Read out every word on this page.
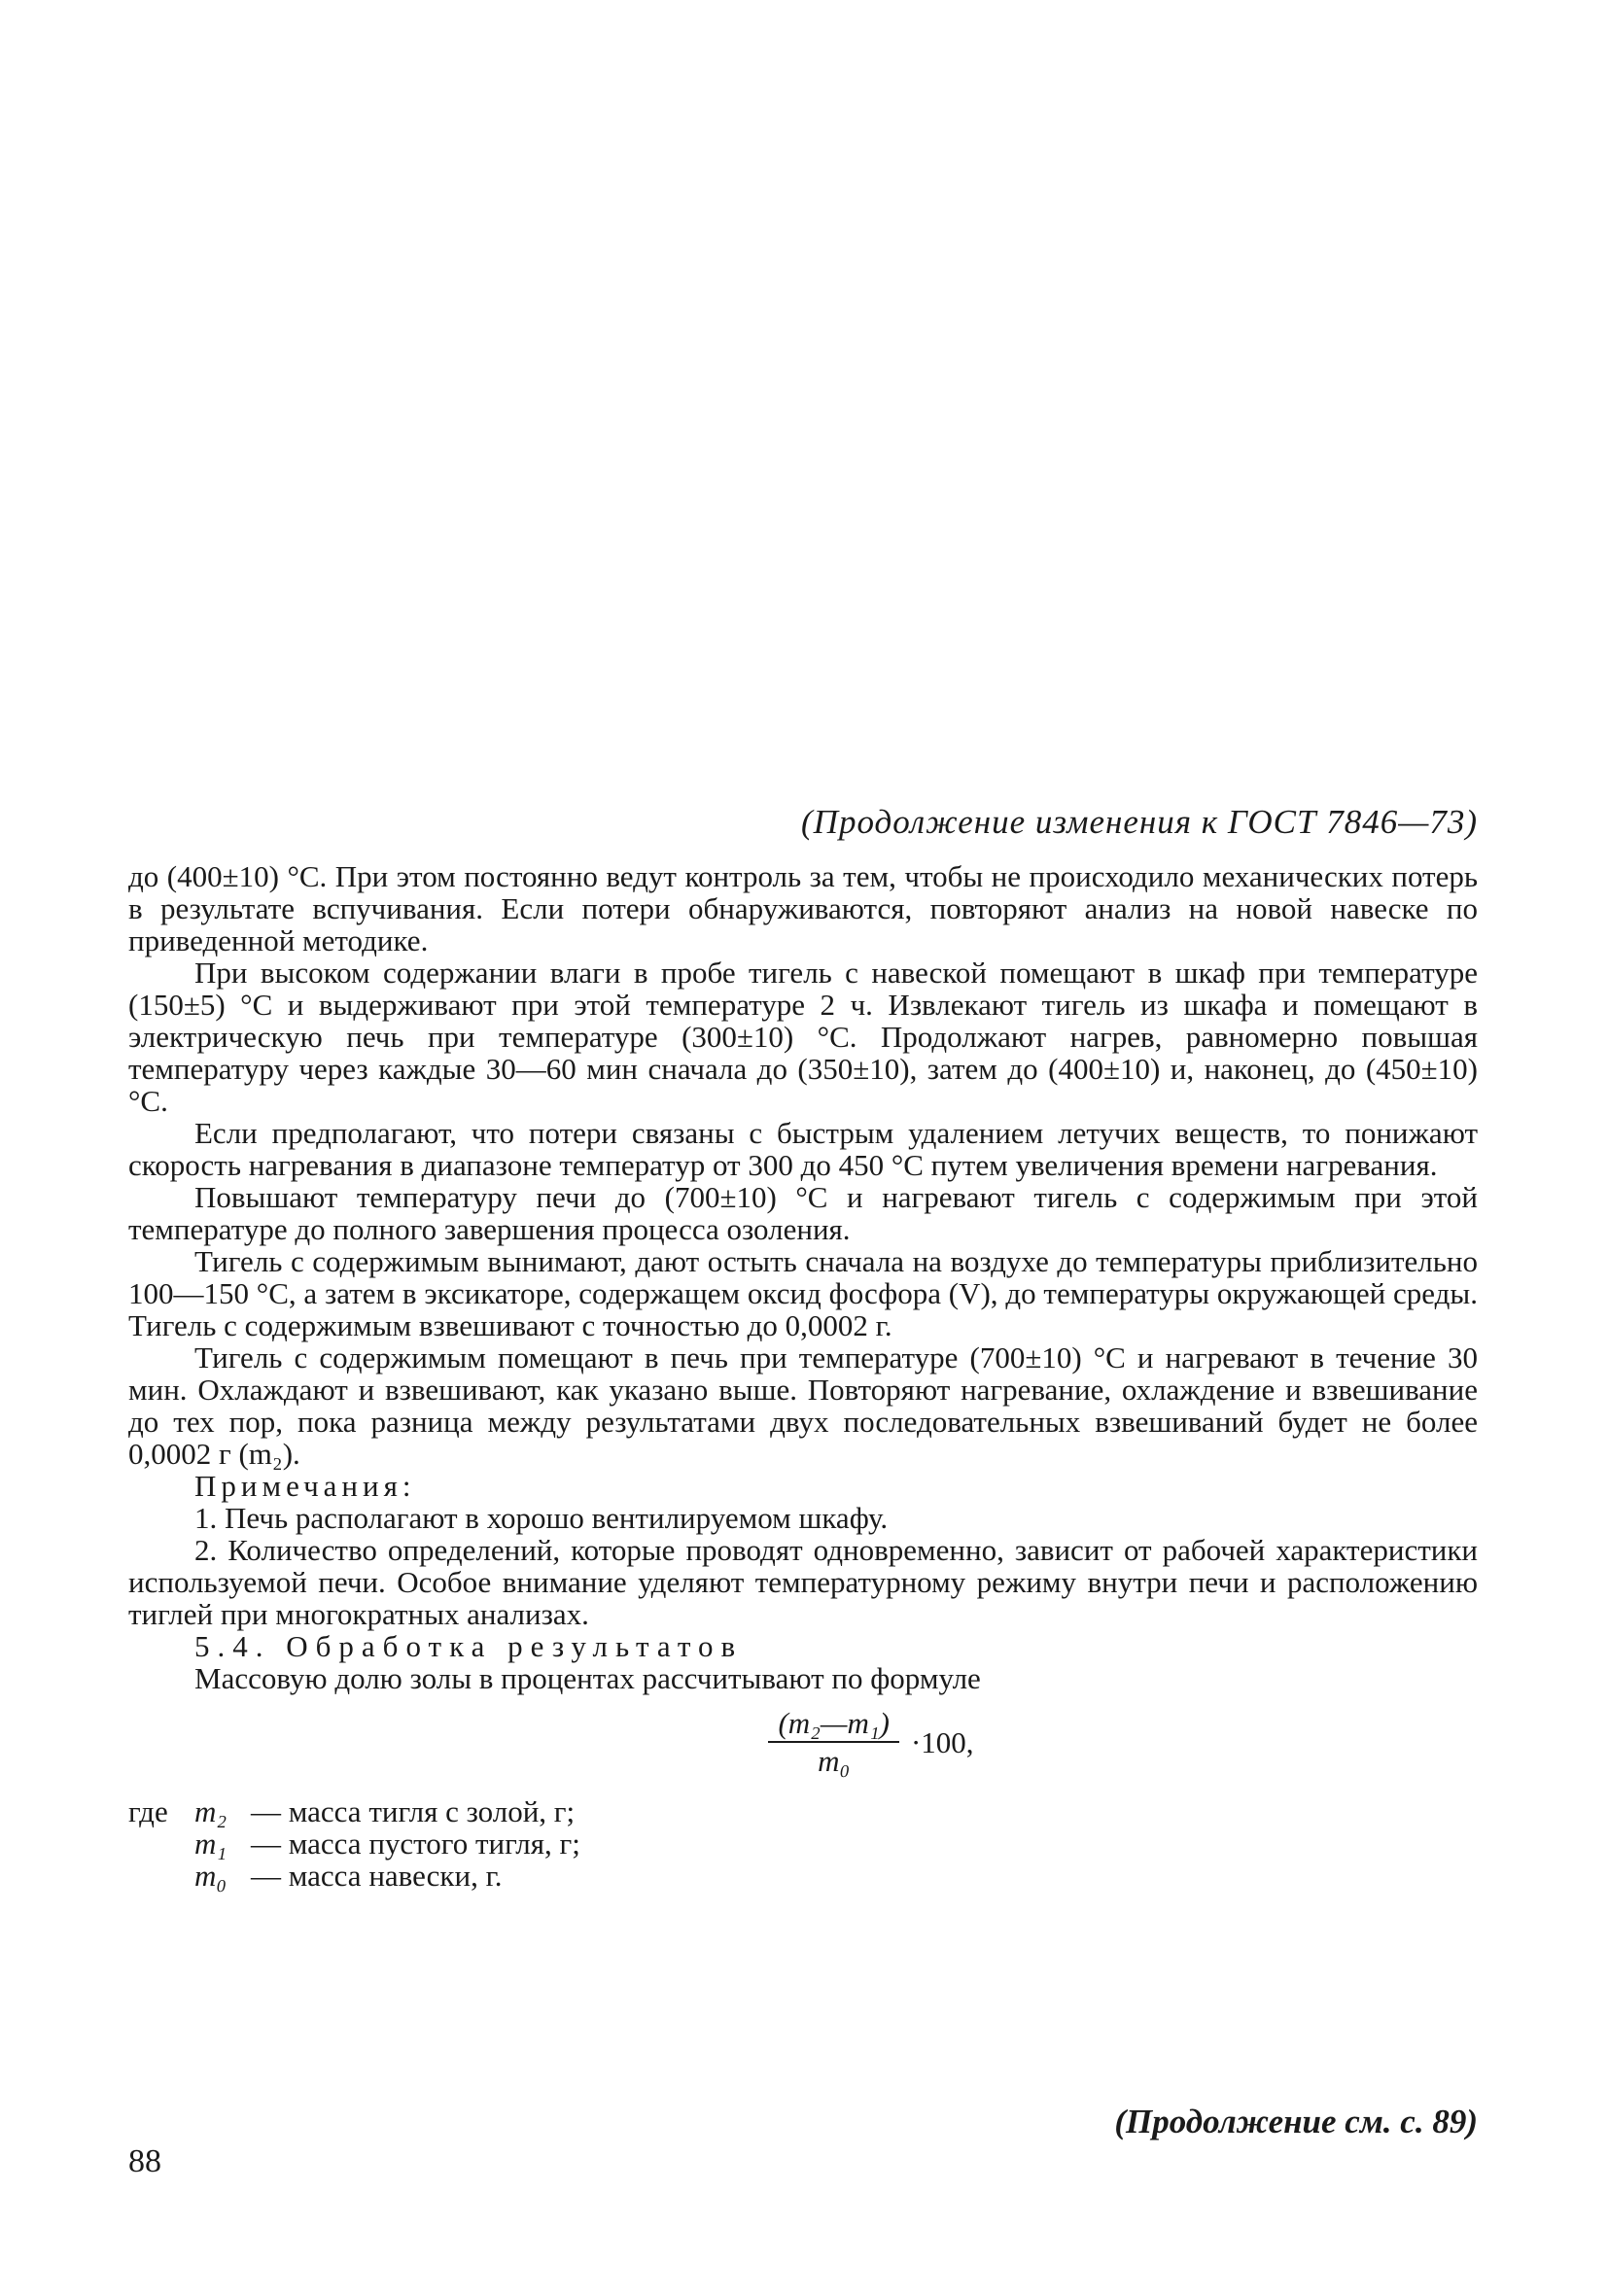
(Продолжение изменения к ГОСТ 7846—73)

до (400±10) °С. При этом постоянно ведут контроль за тем, чтобы не происходило механических потерь в результате вспучивания. Если потери обнаруживаются, повторяют анализ на новой навеске по приведенной методике.

При высоком содержании влаги в пробе тигель с навеской помещают в шкаф при температуре (150±5) °С и выдерживают при этой температуре 2 ч. Извлекают тигель из шкафа и помещают в электрическую печь при температуре (300±10) °С. Продолжают нагрев, равномерно повышая температуру через каждые 30—60 мин сначала до (350±10), затем до (400±10) и, наконец, до (450±10) °С.

Если предполагают, что потери связаны с быстрым удалением летучих веществ, то понижают скорость нагревания в диапазоне температур от 300 до 450 °С путем увеличения времени нагревания.

Повышают температуру печи до (700±10) °С и нагревают тигель с содержимым при этой температуре до полного завершения процесса озоления.

Тигель с содержимым вынимают, дают остыть сначала на воздухе до температуры приблизительно 100—150 °С, а затем в эксикаторе, содержащем оксид фосфора (V), до температуры окружающей среды. Тигель с содержимым взвешивают с точностью до 0,0002 г.

Тигель с содержимым помещают в печь при температуре (700±10) °С и нагревают в течение 30 мин. Охлаждают и взвешивают, как указано выше. Повторяют нагревание, охлаждение и взвешивание до тех пор, пока разница между результатами двух последовательных взвешиваний будет не более 0,0002 г (m₂).

Примечания:

1. Печь располагают в хорошо вентилируемом шкафу.

2. Количество определений, которые проводят одновременно, зависит от рабочей характеристики используемой печи. Особое внимание уделяют температурному режиму внутри печи и расположению тиглей при многократных анализах.

5.4. Обработка результатов

Массовую долю золы в процентах рассчитывают по формуле

$\frac{\text{(m₂—m₁)}}{\text{m₀}} \cdot 100$,
где m₂ — масса тигля с золой, г;
m₁ — масса пустого тигля, г;
m₀ — масса навески, г.
(Продолжение см. с. 89)
88
